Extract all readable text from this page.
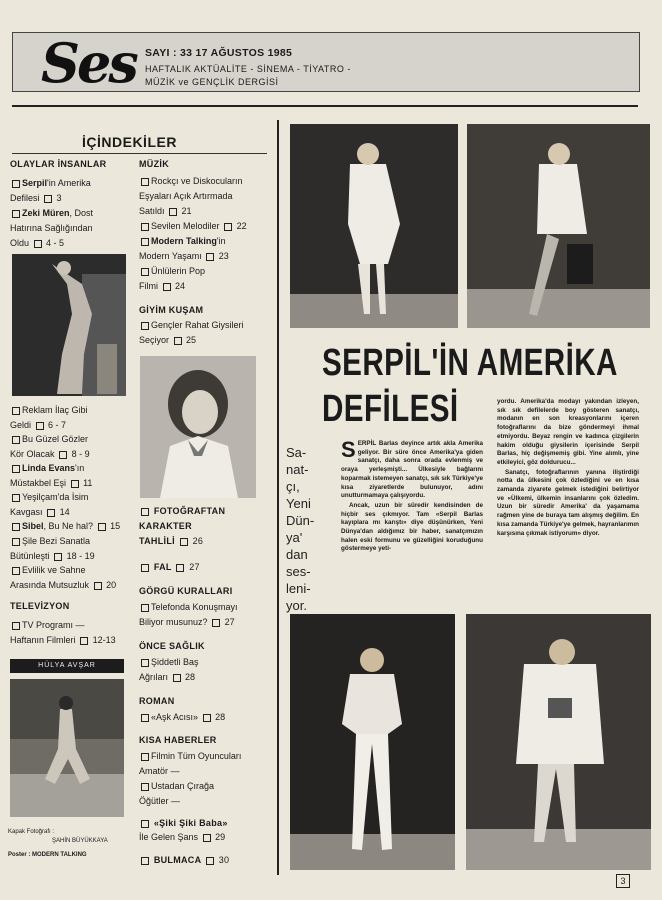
Ses SAYI : 33 17 AĞUSTOS 1985
HAFTALIK AKTÜALİTE - SİNEMA - TİYATRO -
MÜZİK ve GENÇLİK DERGİSİ
İÇİNDEKİLER
OLAYLAR İNSANLAR
Serpil'in Amerika
Defilesi 3
Zeki Müren, Dost
Hatırına Sağlığından
Oldu 4 - 5
Reklam İlaç Gibi
Geldi 6 - 7
Bu Güzel Gözler
Kör Olacak 8 - 9
Linda Evans'ın
Müstakbel Eşi 11
Yeşilçam'da İsim
Kavgası 14
Sibel, Bu Ne hal? 15
Şile Bezi Sanatla
Bütünleşti 18 - 19
Evlilik ve Sahne
Arasında Mutsuzluk 20
TELEVİZYON
TV Programı —
Haftanın Filmleri 12-13
HÜLYA AVŞAR
Kapak Fotoğrafı :
ŞAHİN BÜYÜKKAYA
Poster : MODERN TALKING
MÜZİK
Rockçı ve Diskocuların
Eşyaları Açık Artırmada
Satıldı 21
Sevilen Melodiler 22
Modern Talking'in
Modern Yaşamı 23
Ünlülerin Pop
Filmi 24
GİYİM KUŞAM
Gençler Rahat Giysileri
Seçiyor 25
FOTOĞRAFTAN
KARAKTER
TAHLİLİ 26
FAL 27
GÖRGÜ KURALLARI
Telefonda Konuşmayı
Biliyor musunuz? 27
ÖNCE SAĞLIK
Şiddetli Baş
Ağrıları 28
ROMAN
«Aşk Acısı» 28
KISA HABERLER
Filmin Tüm Oyuncuları
Amatör —
Ustadan Çırağa
Öğütler —
«Şiki Şiki Baba»
İle Gelen Şans 29
BULMACA 30
SERPİL'İN AMERİKA
DEFİLESİ
Sa-
nat-
çı,
Yeni
Dün-
ya'
dan
ses-
leni-
yor.
SERPİL Barlas deyince artık akla Amerika geliyor. Bir süre önce Amerika'ya giden sanatçı, daha sonra orada evlenmiş ve oraya yerleşmişti... Ülkesiyle bağlarını koparmak istemeyen sanatçı, sık sık Türkiye'ye kısa ziyaretlerde bulunuyor, adını unutturmamaya çalışıyordu.
Ancak, uzun bir süredir kendisinden de hiçbir ses çıkmıyor. Tam «Serpil Barlas kayıplara mı karıştı» diye düşünürken, Yeni Dünya'dan aldığımız bir haber, sanatçımızın halen eski formunu ve güzelliğini koruduğunu göstermeye yeti-
yordu. Amerika'da modayı yakından izleyen, sık sık defilelerde boy gösteren sanatçı, modanın en son kreasyonlarını içeren fotoğraflarını da bize göndermeyi ihmal etmiyordu. Beyaz rengin ve kadınca çizgilerin hakim olduğu giysilerin içerisinde Serpil Barlas, hiç değişmemiş gibi. Yine alımlı, yine etkileyici, göz doldurucu...
Sanatçı, fotoğraflarının yanına iliştirdiği notta da ülkesini çok özlediğini ve en kısa zamanda ziyarete gelmek istediğini belirtiyor ve «Ülkemi, ülkemin insanlarını çok özledim. Uzun bir süredir Amerika' da yaşamama rağmen yine de buraya tam alışmış değilim. En kısa zamanda Türkiye'ye gelmek, hayranlarımın karşısına çıkmak istiyorum» diyor.
3
